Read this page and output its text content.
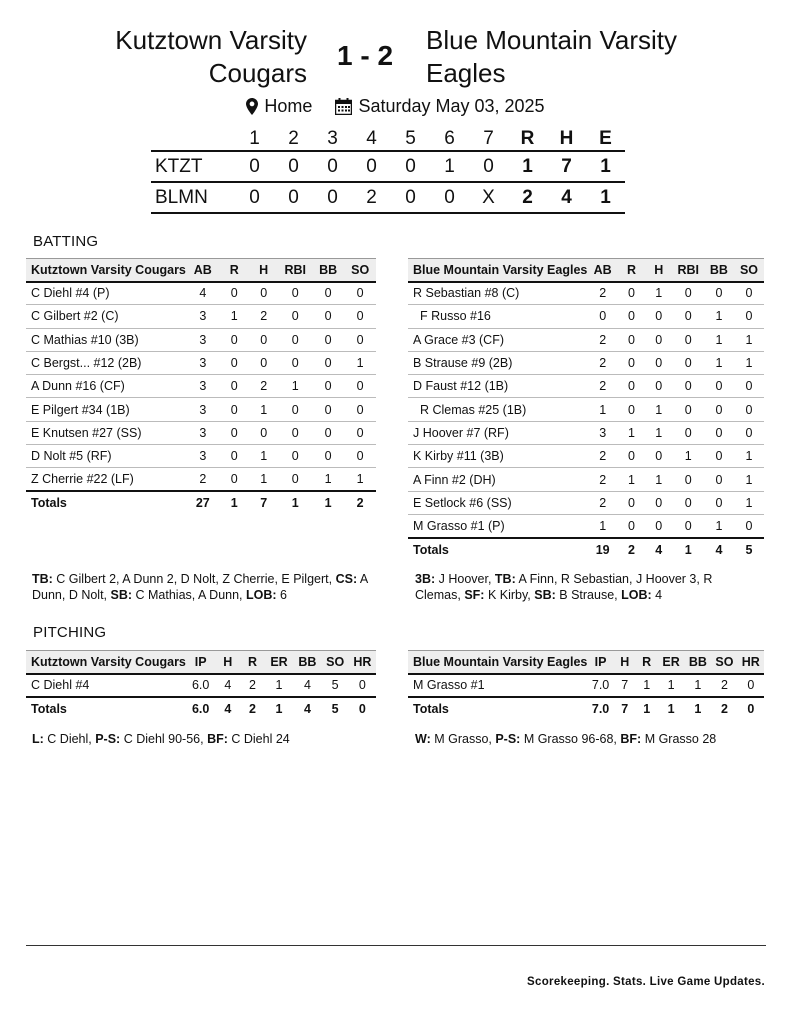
Kutztown Varsity
Cougars
1 - 2	Blue Mountain Varsity
Eagles
Home
	Saturday May 03, 2025
	1	2	3	4	5	6	7	R	H	E
KTZT	0	0	0	0	0	1	0	1	7	1
BLMN	0	0	0	2	0	0	X	2	4	1
BATTING
Kutztown Varsity Cougars	AB	R	H	RBI	BB	SO
C Diehl #4 (P)	4	0	0	0	0	0
C Gilbert #2 (C)	3	1	2	0	0	0
C Mathias #10 (3B)	3	0	0	0	0	0
C Bergst... #12 (2B)	3	0	0	0	0	1
A Dunn #16 (CF)	3	0	2	1	0	0
E Pilgert #34 (1B)	3	0	1	0	0	0
E Knutsen #27 (SS)	3	0	0	0	0	0
D Nolt #5 (RF)	3	0	1	0	0	0
Z Cherrie #22 (LF)	2	0	1	0	1	1
Totals	27	1	7	1	1	2
Blue Mountain Varsity Eagles	AB	R	H	RBI	BB	SO
R Sebastian #8 (C)	2	0	1	0	0	0
F Russo #16	0	0	0	0	1	0
A Grace #3 (CF)	2	0	0	0	1	1
B Strause #9 (2B)	2	0	0	0	1	1
D Faust #12 (1B)	2	0	0	0	0	0
R Clemas #25 (1B)	1	0	1	0	0	0
J Hoover #7 (RF)	3	1	1	0	0	0
K Kirby #11 (3B)	2	0	0	1	0	1
A Finn #2 (DH)	2	1	1	0	0	1
E Setlock #6 (SS)	2	0	0	0	0	1
M Grasso #1 (P)	1	0	0	0	1	0
Totals	19	2	4	1	4	5
TB: C Gilbert 2, A Dunn 2, D Nolt, Z Cherrie, E Pilgert, CS: A Dunn, D Nolt, SB: C Mathias, A Dunn, LOB: 6
3B: J Hoover, TB: A Finn, R Sebastian, J Hoover 3, R Clemas, SF: K Kirby, SB: B Strause, LOB: 4
PITCHING
Kutztown Varsity Cougars	IP	H	R	ER	BB	SO	HR
C Diehl #4	6.0	4	2	1	4	5	0
Totals	6.0	4	2	1	4	5	0
Blue Mountain Varsity Eagles	IP	H	R	ER	BB	SO	HR
M Grasso #1	7.0	7	1	1	1	2	0
Totals	7.0	7	1	1	1	2	0
L: C Diehl, P-S: C Diehl 90-56, BF: C Diehl 24	W: M Grasso, P-S: M Grasso 96-68, BF: M Grasso 28
Scorekeeping. Stats. Live Game Updates.
